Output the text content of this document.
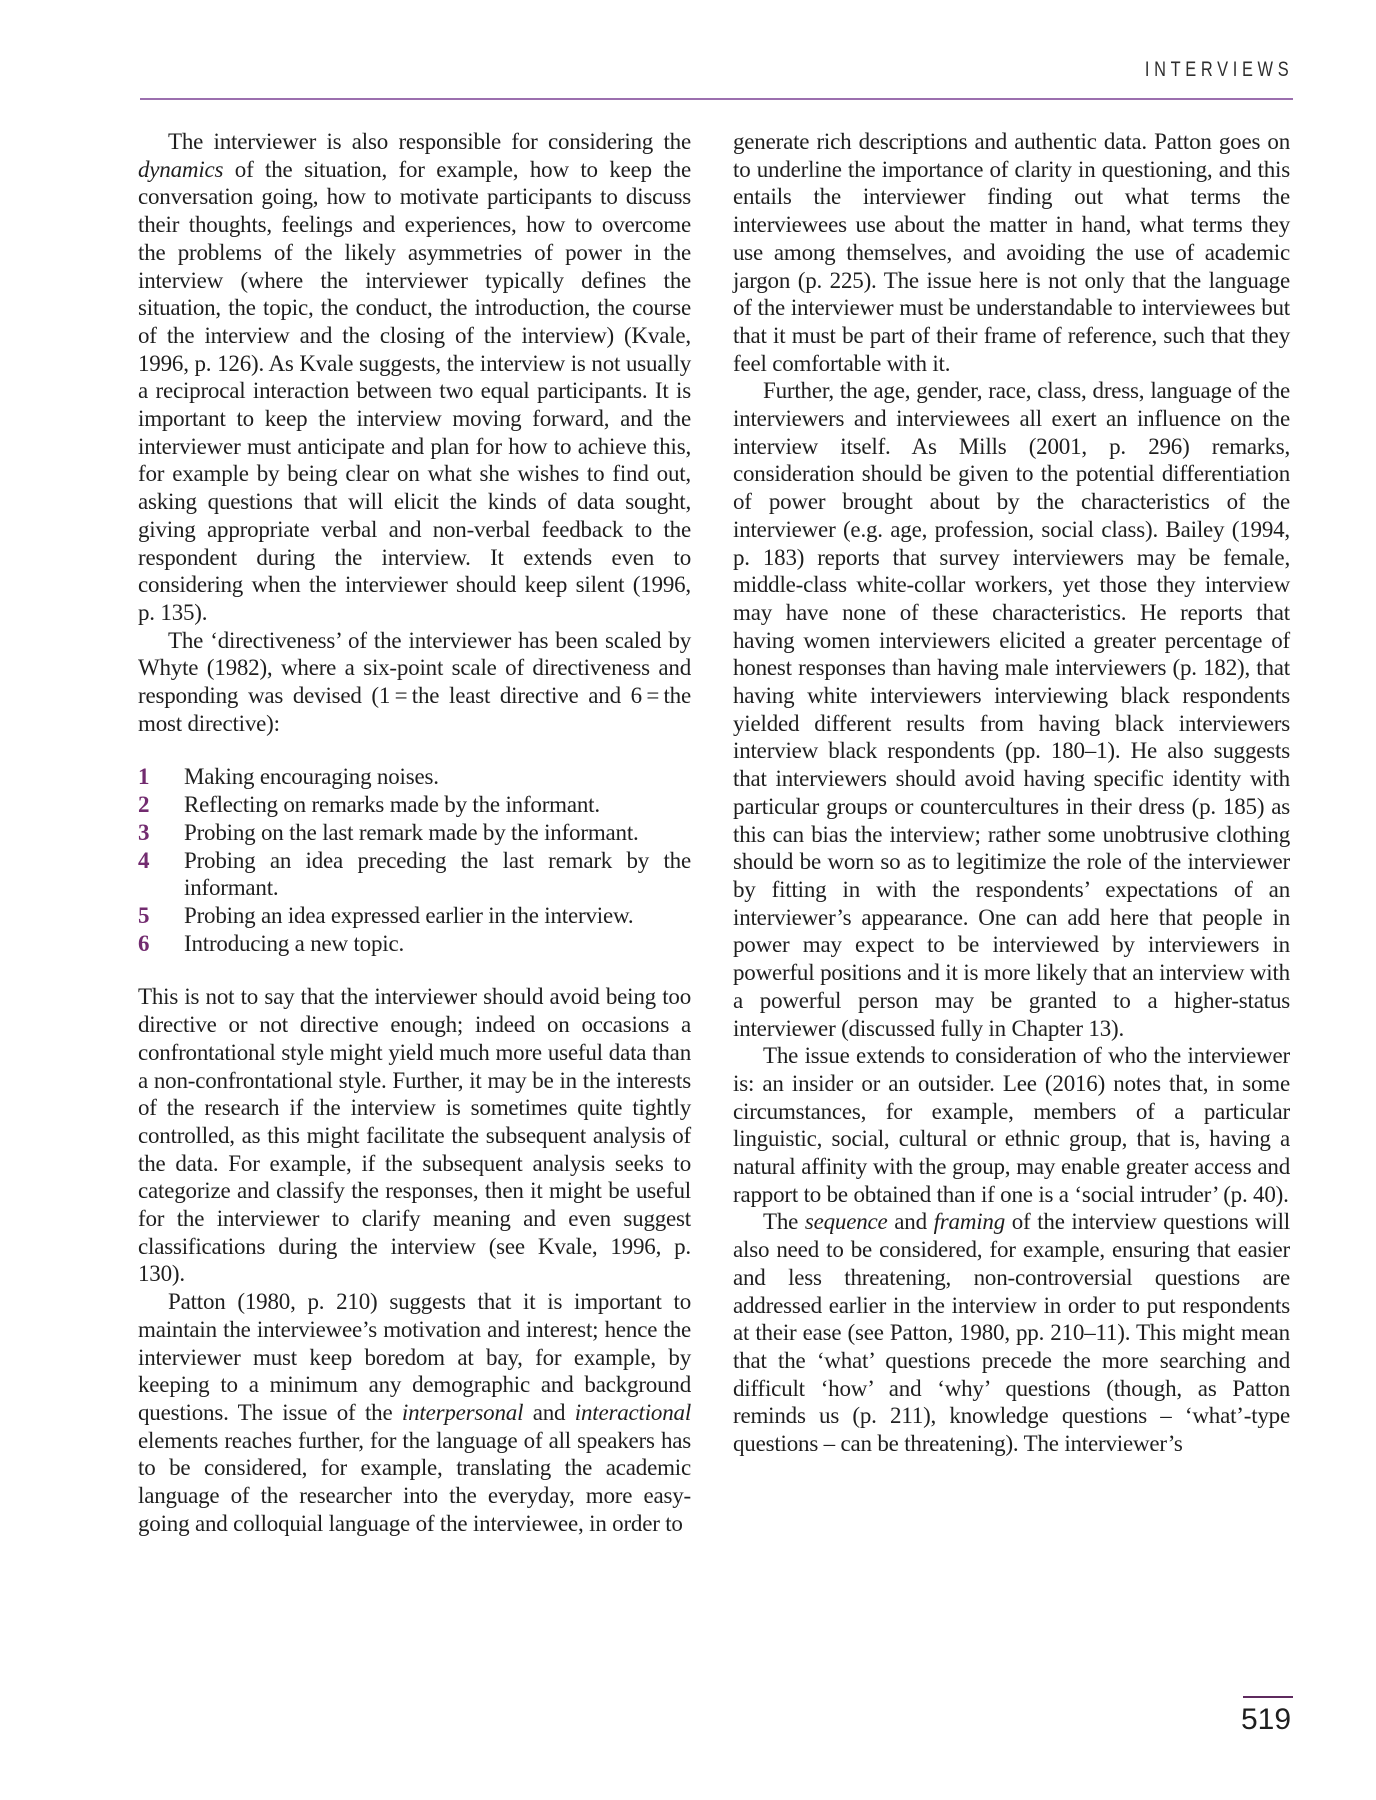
INTERVIEWS

The interviewer is also responsible for considering the dynamics of the situation, for example, how to keep the conversation going, how to motivate participants to discuss their thoughts, feelings and experiences, how to overcome the problems of the likely asymmetries of power in the interview (where the interviewer typically defines the situation, the topic, the conduct, the introduction, the course of the interview and the closing of the interview) (Kvale, 1996, p. 126). As Kvale suggests, the interview is not usually a reciprocal interaction between two equal participants. It is important to keep the interview moving forward, and the interviewer must anticipate and plan for how to achieve this, for example by being clear on what she wishes to find out, asking questions that will elicit the kinds of data sought, giving appropriate verbal and non-verbal feedback to the respondent during the interview. It extends even to considering when the interviewer should keep silent (1996, p. 135).

The ‘directiveness’ of the interviewer has been scaled by Whyte (1982), where a six-point scale of directiveness and responding was devised (1 = the least directive and 6 = the most directive):

1	Making encouraging noises.
2	Reflecting on remarks made by the informant.
3	Probing on the last remark made by the informant.
4	Probing an idea preceding the last remark by the informant.
5	Probing an idea expressed earlier in the interview.
6	Introducing a new topic.

This is not to say that the interviewer should avoid being too directive or not directive enough; indeed on occasions a confrontational style might yield much more useful data than a non-confrontational style. Further, it may be in the interests of the research if the interview is sometimes quite tightly controlled, as this might facilitate the subsequent analysis of the data. For example, if the subsequent analysis seeks to categorize and classify the responses, then it might be useful for the interviewer to clarify meaning and even suggest classifications during the interview (see Kvale, 1996, p. 130).

Patton (1980, p. 210) suggests that it is important to maintain the interviewee’s motivation and interest; hence the interviewer must keep boredom at bay, for example, by keeping to a minimum any demographic and background questions. The issue of the interpersonal and interactional elements reaches further, for the language of all speakers has to be considered, for example, translating the academic language of the researcher into the everyday, more easy-going and colloquial language of the interviewee, in order to

generate rich descriptions and authentic data. Patton goes on to underline the importance of clarity in questioning, and this entails the interviewer finding out what terms the interviewees use about the matter in hand, what terms they use among themselves, and avoiding the use of academic jargon (p. 225). The issue here is not only that the language of the interviewer must be understandable to interviewees but that it must be part of their frame of reference, such that they feel comfortable with it.

Further, the age, gender, race, class, dress, language of the interviewers and interviewees all exert an influence on the interview itself. As Mills (2001, p. 296) remarks, consideration should be given to the potential differentiation of power brought about by the characteristics of the interviewer (e.g. age, profession, social class). Bailey (1994, p. 183) reports that survey interviewers may be female, middle-class white-collar workers, yet those they interview may have none of these characteristics. He reports that having women interviewers elicited a greater percentage of honest responses than having male interviewers (p. 182), that having white interviewers interviewing black respondents yielded different results from having black interviewers interview black respondents (pp. 180–1). He also suggests that interviewers should avoid having specific identity with particular groups or countercultures in their dress (p. 185) as this can bias the interview; rather some unobtrusive clothing should be worn so as to legitimize the role of the interviewer by fitting in with the respondents’ expectations of an interviewer’s appearance. One can add here that people in power may expect to be interviewed by interviewers in powerful positions and it is more likely that an interview with a powerful person may be granted to a higher-status interviewer (discussed fully in Chapter 13).

The issue extends to consideration of who the interviewer is: an insider or an outsider. Lee (2016) notes that, in some circumstances, for example, members of a particular linguistic, social, cultural or ethnic group, that is, having a natural affinity with the group, may enable greater access and rapport to be obtained than if one is a ‘social intruder’ (p. 40).

The sequence and framing of the interview questions will also need to be considered, for example, ensuring that easier and less threatening, non-controversial questions are addressed earlier in the interview in order to put respondents at their ease (see Patton, 1980, pp. 210–11). This might mean that the ‘what’ questions precede the more searching and difficult ‘how’ and ‘why’ questions (though, as Patton reminds us (p. 211), knowledge questions – ‘what’-type questions – can be threatening). The interviewer’s

519
